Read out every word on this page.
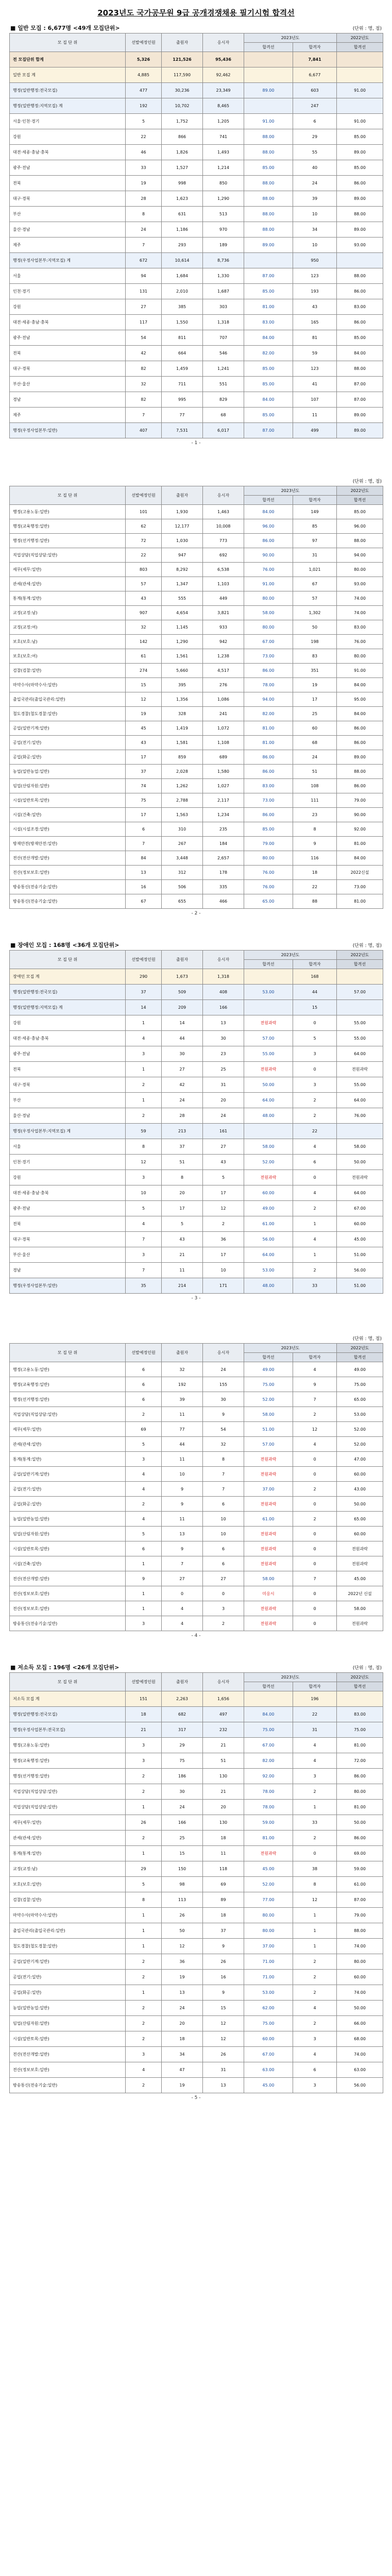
2023년도 국가공무원 9급 공개경쟁채용 필기시험 합격선
■ 일반 모집 : 6,677명 <49개 모집단위>	(단위 : 명, 점)
모 집 단 위	선발예정인원	출원자	응시자	2023년도		2022년도
				합격선	합격자	합격선
전 모집단위 합계	5,326	121,526	95,436		7,841	
일반 모집 계	4,885	117,590	92,462		6,677	
행정(일반행정:전국모집)	477	30,236	23,349	89.00	603	91.00
행정(일반행정:지역모집) 계	192	10,702	8,465		247	
서울·인천·경기	5	1,752	1,205	91.00	6	91.00
강원	22	866	741	88.00	29	85.00
대전·세종·충남·충북	46	1,826	1,493	88.00	55	89.00
광주·전남	33	1,527	1,214	85.00	40	85.00
전북	19	998	850	88.00	24	86.00
대구·경북	28	1,623	1,290	88.00	39	89.00
부산	8	631	513	88.00	10	88.00
울산·경남	24	1,186	970	88.00	34	89.00
제주	7	293	189	89.00	10	93.00
행정(우정사업본부:지역모집) 계	672	10,614	8,736		950	
서울	94	1,684	1,330	87.00	123	88.00
인천·경기	131	2,010	1,687	85.00	193	86.00
강원	27	385	303	81.00	43	83.00
대전·세종·충남·충북	117	1,550	1,318	83.00	165	86.00
광주·전남	54	811	707	84.00	81	85.00
전북	42	664	546	82.00	59	84.00
대구·경북	82	1,459	1,241	85.00	123	88.00
부산·울산	32	711	551	85.00	41	87.00
경남	82	995	829	84.00	107	87.00
제주	7	77	68	85.00	11	89.00
행정(우정사업본부:일반)	407	7,531	6,017	87.00	499	89.00
- 1 -
(단위 : 명, 점)
모 집 단 위	선발예정인원	출원자	응시자	2023년도		2022년도
				합격선	합격자	합격선
행정(고용노동:일반)	101	1,930	1,463	84.00	149	85.00
행정(교육행정:일반)	62	12,177	10,008	96.00	85	96.00
행정(선거행정:일반)	72	1,030	773	86.00	97	88.00
직업상담(직업상담:일반)	22	947	692	90.00	31	94.00
세무(세무:일반)	803	8,292	6,538	76.00	1,021	80.00
관세(관세:일반)	57	1,347	1,103	91.00	67	93.00
통계(통계:일반)	43	555	449	80.00	57	74.00
교정(교정:남)	907	4,654	3,821	58.00	1,302	74.00
교정(교정:여)	32	1,145	933	80.00	50	83.00
보호(보호:남)	142	1,290	942	67.00	198	76.00
보호(보호:여)	61	1,561	1,238	73.00	83	80.00
검찰(검찰:일반)	274	5,660	4,517	86.00	351	91.00
마약수사(마약수사:일반)	15	395	276	78.00	19	84.00
출입국관리(출입국관리:일반)	12	1,356	1,086	94.00	17	95.00
철도경찰(철도경찰:일반)	19	328	241	82.00	25	84.00
공업(일반기계:일반)	45	1,419	1,072	81.00	60	86.00
공업(전기:일반)	43	1,581	1,108	81.00	68	86.00
공업(화공:일반)	17	859	689	86.00	24	89.00
농업(일반농업:일반)	37	2,028	1,580	86.00	51	88.00
임업(산림자원:일반)	74	1,262	1,027	83.00	108	86.00
시설(일반토목:일반)	75	2,788	2,117	73.00	111	79.00
시설(건축:일반)	17	1,563	1,234	86.00	23	90.00
시설(시설조경:일반)	6	310	235	85.00	8	92.00
방재안전(방재안전:일반)	7	267	184	79.00	9	81.00
전산(전산개발:일반)	84	3,448	2,657	80.00	116	84.00
전산(정보보호:일반)	13	312	178	76.00	18	2022신설
방송통신(전송기술:일반)	16	506	335	76.00	22	73.00
방송통신(전송기술:일반)	67	655	466	65.00	88	81.00
- 2 -
■ 장애인 모집 : 168명 <36개 모집단위>	(단위 : 명, 점)
모 집 단 위	선발예정인원	출원자	응시자	2023년도		2022년도
				합격선	합격자	합격선
장애인 모집 계	290	1,673	1,318		168	
행정(일반행정:전국모집)	37	509	408	53.00	44	57.00
행정(일반행정:지역모집) 계	14	209	166		15	
강원	1	14	13	전원과락	0	55.00
대전·세종·충남·충북	4	44	30	57.00	5	55.00
광주·전남	3	30	23	55.00	3	64.00
전북	1	27	25	전원과락	0	전원과락
대구·경북	2	42	31	50.00	3	55.00
부산	1	24	20	64.00	2	64.00
울산·경남	2	28	24	48.00	2	76.00
행정(우정사업본부:지역모집) 계	59	213	161		22	
서울	8	37	27	58.00	4	58.00
인천·경기	12	51	43	52.00	6	50.00
강원	3	8	5	전원과락	0	전원과락
대전·세종·충남·충북	10	20	17	60.00	4	64.00
광주·전남	5	17	12	49.00	2	67.00
전북	4	5	2	61.00	1	60.00
대구·경북	7	43	36	56.00	4	45.00
부산·울산	3	21	17	64.00	1	51.00
경남	7	11	10	53.00	2	56.00
행정(우정사업본부:일반)	35	214	171	48.00	33	51.00
- 3 -
(단위 : 명, 점)
모 집 단 위	선발예정인원	출원자	응시자	2023년도		2022년도
				합격선	합격자	합격선
행정(고용노동:일반)	6	32	24	49.00	4	49.00
행정(교육행정:일반)	6	192	155	75.00	9	75.00
행정(선거행정:일반)	6	39	30	52.00	7	65.00
직업상담(직업상담:일반)	2	11	9	58.00	2	53.00
세무(세무:일반)	69	77	54	51.00	12	52.00
관세(관세:일반)	5	44	32	57.00	4	52.00
통계(통계:일반)	3	11	8	전원과락	0	47.00
공업(일반기계:일반)	4	10	7	전원과락	0	60.00
공업(전기:일반)	4	9	7	37.00	2	43.00
공업(화공:일반)	2	9	6	전원과락	0	50.00
농업(일반농업:일반)	4	11	10	61.00	2	65.00
임업(산림자원:일반)	5	13	10	전원과락	0	60.00
시설(일반토목:일반)	6	9	6	전원과락	0	전원과락
시설(건축:일반)	1	7	6	전원과락	0	전원과락
전산(전산개발:일반)	9	27	27	58.00	7	45.00
전산(정보보호:일반)	1	0	0	미응시	0	2022년 신설
전산(정보보호:일반)	1	4	3	전원과락	0	58.00
방송통신(전송기술:일반)	3	4	2	전원과락	0	전원과락
- 4 -
■ 저소득 모집 : 196명 <26개 모집단위>	(단위 : 명, 점)
모 집 단 위	선발예정인원	출원자	응시자	2023년도		2022년도
				합격선	합격자	합격선
저소득 모집 계	151	2,263	1,656		196	
행정(일반행정:전국모집)	18	682	497	84.00	22	83.00
행정(우정사업본부:전국모집)	21	317	232	75.00	31	75.00
행정(고용노동:일반)	3	29	21	67.00	4	81.00
행정(교육행정:일반)	3	75	51	82.00	4	72.00
행정(선거행정:일반)	2	186	130	92.00	3	86.00
직업상담(직업상담:일반)	2	30	21	78.00	2	80.00
직업상담(직업상담:일반)	1	24	20	78.00	1	81.00
세무(세무:일반)	26	166	130	59.00	33	50.00
관세(관세:일반)	2	25	18	81.00	2	86.00
통계(통계:일반)	1	15	11	전원과락	0	69.00
교정(교정:남)	29	150	118	45.00	38	59.00
보호(보호:일반)	5	98	69	52.00	8	61.00
검찰(검찰:일반)	8	113	89	77.00	12	87.00
마약수사(마약수사:일반)	1	26	18	80.00	1	79.00
출입국관리(출입국관리:일반)	1	50	37	80.00	1	88.00
철도경찰(철도경찰:일반)	1	12	9	37.00	1	74.00
공업(일반기계:일반)	2	36	26	71.00	2	80.00
공업(전기:일반)	2	19	16	71.00	2	60.00
공업(화공:일반)	1	13	9	53.00	2	74.00
농업(일반농업:일반)	2	24	15	62.00	4	50.00
임업(산림자원:일반)	2	20	12	75.00	2	66.00
시설(일반토목:일반)	2	18	12	60.00	3	68.00
전산(전산개발:일반)	3	34	26	67.00	4	74.00
전산(정보보호:일반)	4	47	31	63.00	6	63.00
방송통신(전송기술:일반)	2	19	13	45.00	3	56.00
- 5 -
